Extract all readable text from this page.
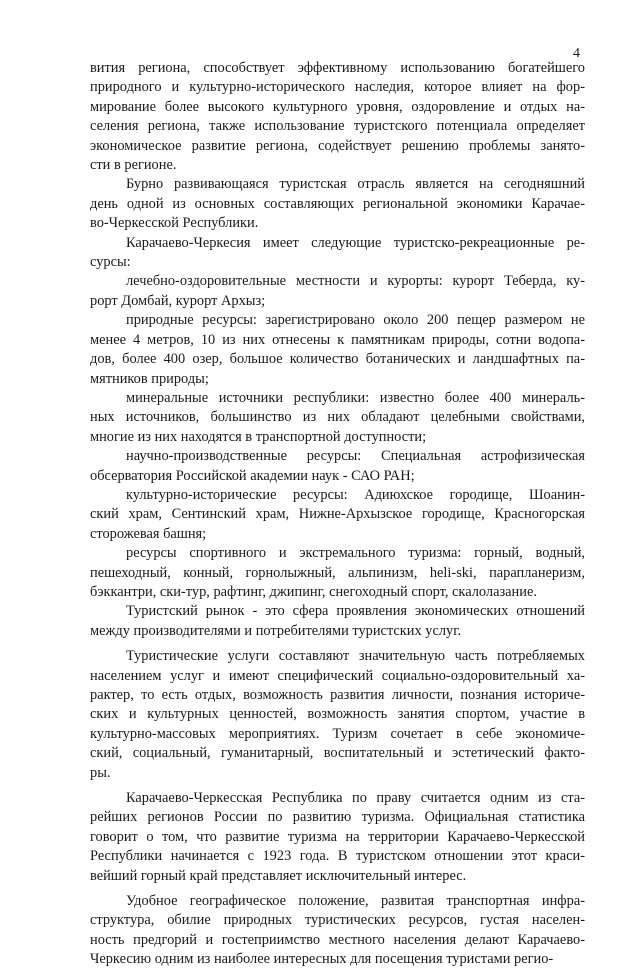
4
вития региона, способствует эффективному использованию богатейшего
природного и культурно-исторического наследия, которое влияет на фор-
мирование более высокого культурного уровня, оздоровление и отдых на-
селения региона, также использование туристского потенциала определяет
экономическое развитие региона, содействует решению проблемы занято-
сти в регионе.
Бурно развивающаяся туристская отрасль является на сегодняшний
день одной из основных составляющих региональной экономики Карачае-
во-Черкесской Республики.
Карачаево-Черкесия имеет следующие туристско-рекреационные ре-
сурсы:
лечебно-оздоровительные местности и курорты: курорт Теберда, ку-
рорт Домбай, курорт Архыз;
природные ресурсы: зарегистрировано около 200 пещер размером не
менее 4 метров, 10 из них отнесены к памятникам природы, сотни водопа-
дов, более 400 озер, большое количество ботанических и ландшафтных па-
мятников природы;
минеральные источники республики: известно более 400 минераль-
ных источников, большинство из них обладают целебными свойствами,
многие из них находятся в транспортной доступности;
научно-производственные ресурсы: Специальная астрофизическая
обсерватория Российской академии наук - САО РАН;
культурно-исторические ресурсы: Адиюхское городище, Шоанин-
ский храм, Сентинский храм, Нижне-Архызское городище, Красногорская
сторожевая башня;
ресурсы спортивного и экстремального туризма: горный, водный,
пешеходный, конный, горнолыжный, альпинизм, heli-ski, парапланеризм,
бэккантри, ски-тур, рафтинг, джипинг, снегоходный спорт, скалолазание.
Туристский рынок - это сфера проявления экономических отношений
между производителями и потребителями туристских услуг.
Туристические услуги составляют значительную часть потребляемых
населением услуг и имеют специфический социально-оздоровительный ха-
рактер, то есть отдых, возможность развития личности, познания историче-
ских и культурных ценностей, возможность занятия спортом, участие в
культурно-массовых мероприятиях. Туризм сочетает в себе экономиче-
ский, социальный, гуманитарный, воспитательный и эстетический факто-
ры.
Карачаево-Черкесская Республика по праву считается одним из ста-
рейших регионов России по развитию туризма. Официальная статистика
говорит о том, что развитие туризма на территории Карачаево-Черкесской
Республики начинается с 1923 года. В туристском отношении этот краси-
вейший горный край представляет исключительный интерес.
Удобное географическое положение, развитая транспортная инфра-
структура, обилие природных туристических ресурсов, густая населен-
ность предгорий и гостеприимство местного населения делают Карачаево-
Черкесию одним из наиболее интересных для посещения туристами регио-
